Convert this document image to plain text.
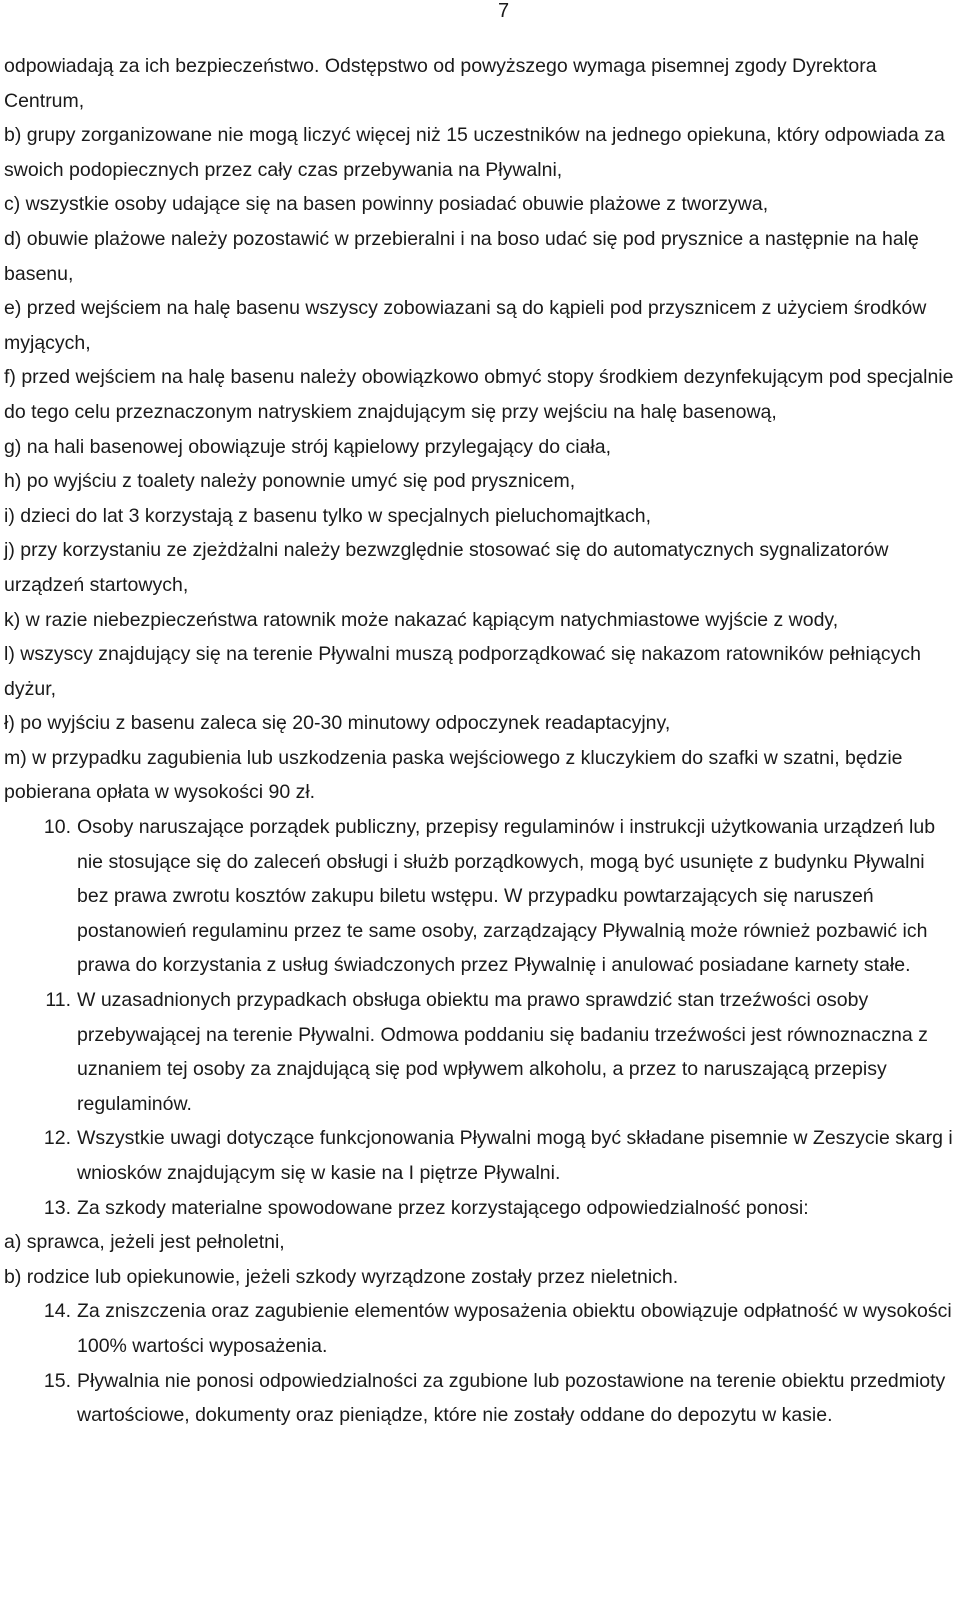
7

odpowiadają za ich bezpieczeństwo. Odstępstwo od powyższego wymaga pisemnej zgody Dyrektora Centrum,

b) grupy zorganizowane nie mogą liczyć więcej niż 15 uczestników na jednego opiekuna, który odpowiada za swoich podopiecznych przez cały czas przebywania na Pływalni,

c) wszystkie osoby udające się na basen powinny posiadać obuwie plażowe z tworzywa,

d) obuwie plażowe należy pozostawić w przebieralni i na boso udać się pod prysznice a następnie na halę basenu,

e) przed wejściem na halę basenu wszyscy zobowiazani są do kąpieli pod przysznicem z użyciem środków myjących,

f) przed wejściem na halę basenu należy obowiązkowo obmyć stopy środkiem dezynfekującym pod specjalnie do tego celu przeznaczonym natryskiem znajdującym się przy wejściu na halę basenową,

g) na hali basenowej obowiązuje strój kąpielowy przylegający do ciała,

h) po wyjściu z toalety należy ponownie umyć się pod prysznicem,

i) dzieci do lat 3 korzystają z basenu tylko w specjalnych pieluchomajtkach,

j) przy korzystaniu ze zjeżdżalni należy bezwzględnie stosować się do automatycznych sygnalizatorów urządzeń startowych,

k) w razie niebezpieczeństwa ratownik może nakazać kąpiącym natychmiastowe wyjście z wody,

l) wszyscy znajdujący się na terenie Pływalni muszą podporządkować się nakazom ratowników pełniących dyżur,

ł) po wyjściu z basenu zaleca się 20-30 minutowy odpoczynek readaptacyjny,

m) w przypadku zagubienia lub uszkodzenia paska wejściowego z kluczykiem do szafki w szatni, będzie pobierana opłata w wysokości 90 zł.

10. Osoby naruszające porządek publiczny, przepisy regulaminów i instrukcji użytkowania urządzeń lub nie stosujące się do zaleceń obsługi i służb porządkowych, mogą być usunięte z budynku Pływalni bez prawa zwrotu kosztów zakupu biletu wstępu. W przypadku powtarzających się naruszeń postanowień regulaminu przez te same osoby, zarządzający Pływalnią może również pozbawić ich prawa do korzystania z usług świadczonych przez Pływalnię i anulować posiadane karnety stałe.
11. W uzasadnionych przypadkach obsługa obiektu ma prawo sprawdzić stan trzeźwości osoby przebywającej na terenie Pływalni. Odmowa poddaniu się badaniu trzeźwości jest równoznaczna z uznaniem tej osoby za znajdującą się pod wpływem alkoholu, a przez to naruszającą przepisy regulaminów.
12. Wszystkie uwagi dotyczące funkcjonowania Pływalni mogą być składane pisemnie w Zeszycie skarg i wniosków znajdującym się w kasie na I piętrze Pływalni.
13. Za szkody materialne spowodowane przez korzystającego odpowiedzialność ponosi:

a) sprawca, jeżeli jest pełnoletni,

b) rodzice lub opiekunowie, jeżeli szkody wyrządzone zostały przez nieletnich.

14. Za zniszczenia oraz zagubienie elementów wyposażenia obiektu obowiązuje odpłatność w wysokości 100% wartości wyposażenia.
15. Pływalnia nie ponosi odpowiedzialności za zgubione lub pozostawione na terenie obiektu przedmioty wartościowe, dokumenty oraz pieniądze, które nie zostały oddane do depozytu w kasie.
